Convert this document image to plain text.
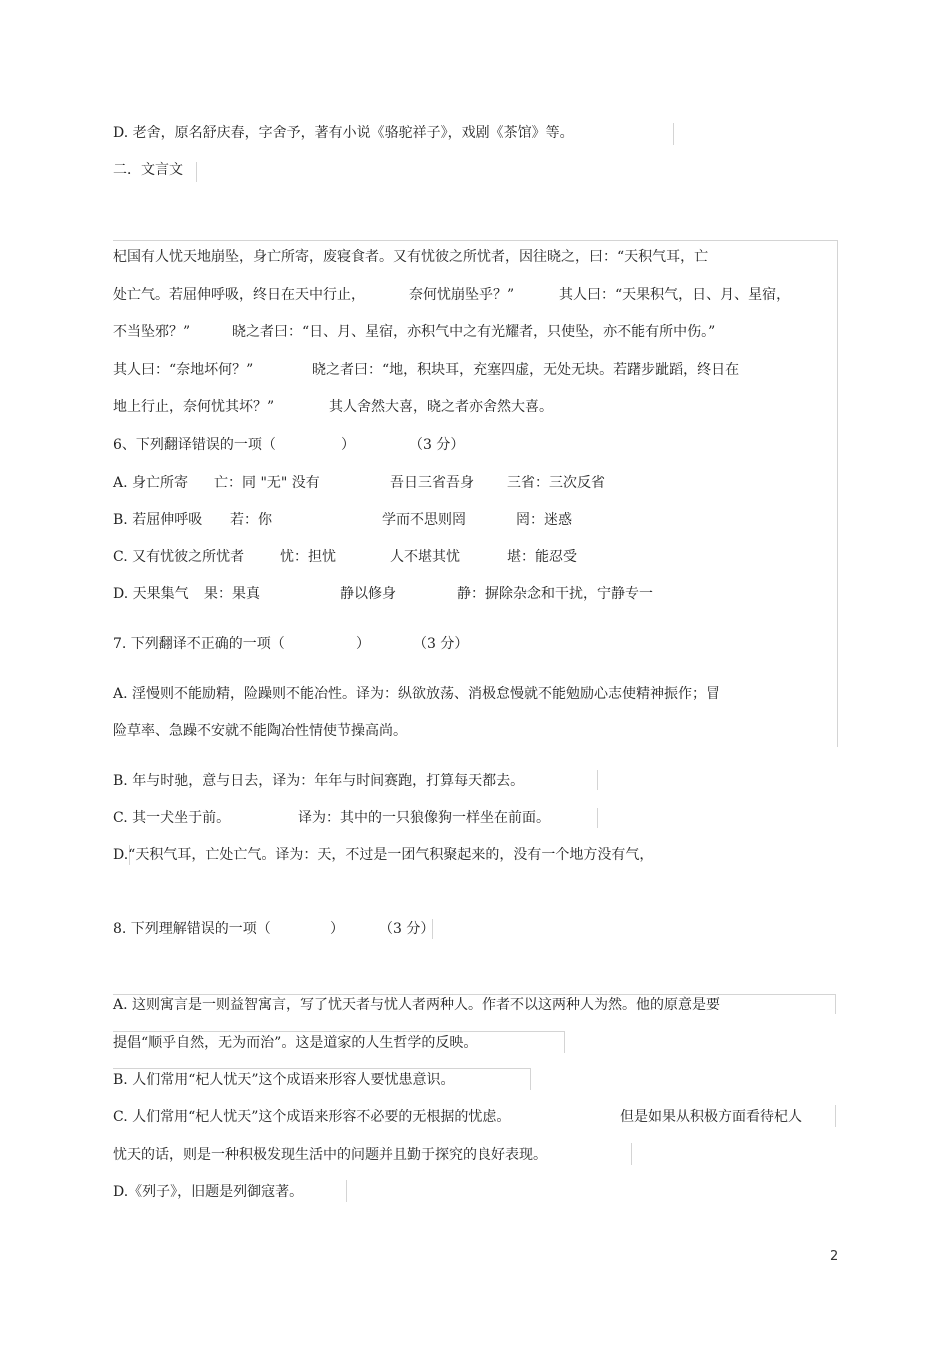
D. 老舍，原名舒庆春，字舍予，著有小说《骆驼祥子》，戏剧《茶馆》等。
二．文言文
杞国有人忧天地崩坠，身亡所寄，废寝食者。又有忧彼之所忧者，因往晓之，曰：“天积气耳，亡
处亡气。若屈伸呼吸，终日在天中行止，	奈何忧崩坠乎？”	其人曰：“天果积气，日、月、星宿，
不当坠邪？”	晓之者曰：“日、月、星宿，亦积气中之有光耀者，只使坠，亦不能有所中伤。”
其人曰：“奈地坏何？”	晓之者曰：“地，积块耳，充塞四虚，无处无块。若躇步跐蹈，终日在
地上行止，奈何忧其坏？”	其人舍然大喜，晓之者亦舍然大喜。
6、下列翻译错误的一项（	）	（3 分）
A. 身亡所寄 亡：同 "无" 没有	吾日三省吾身 三省：三次反省
B. 若屈伸呼吸 若：你	学而不思则罔	罔：迷惑
C. 又有忧彼之所忧者	忧：担忧	人不堪其忧	堪：能忍受
D. 天果集气 果：果真	静以修身	静：摒除杂念和干扰，宁静专一
7. 下列翻译不正确的一项（	）	（3 分）
A. 淫慢则不能励精，险躁则不能冶性。译为：纵欲放荡、消极怠慢就不能勉励心志使精神振作；冒
险草率、急躁不安就不能陶冶性情使节操高尚。
B. 年与时驰，意与日去，译为：年年与时间赛跑，打算每天都去。
C. 其一犬坐于前。	译为：其中的一只狼像狗一样坐在前面。
D.“天积气耳，亡处亡气。译为：天，不过是一团气积聚起来的，没有一个地方没有气，
8. 下列理解错误的一项（	）	（3 分）
A. 这则寓言是一则益智寓言，写了忧天者与忧人者两种人。作者不以这两种人为然。他的原意是要
提倡“顺乎自然，无为而治”。这是道家的人生哲学的反映。
B. 人们常用“杞人忧天”这个成语来形容人要忧患意识。
C. 人们常用“杞人忧天”这个成语来形容不必要的无根据的忧虑。	但是如果从积极方面看待杞人
忧天的话，则是一种积极发现生活中的问题并且勤于探究的良好表现。
D.《列子》，旧题是列御寇著。
2
